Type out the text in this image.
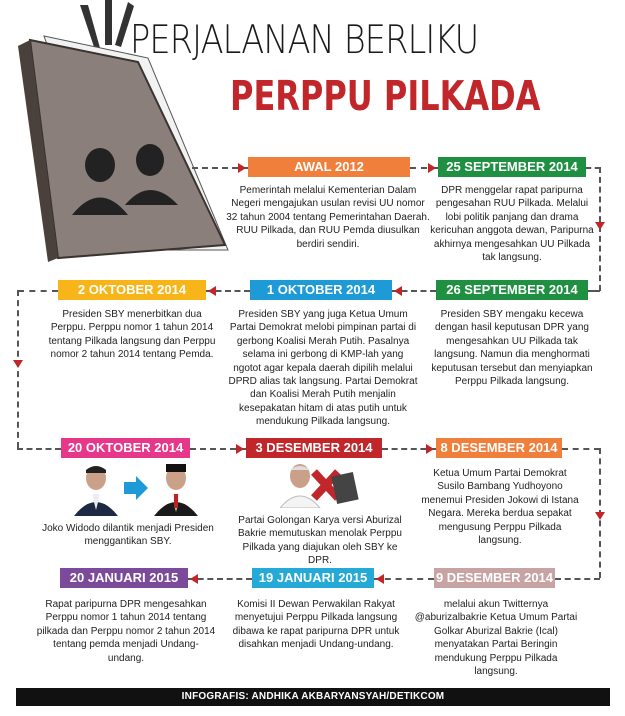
PERJALANAN BERLIKU
PERPPU PILKADA
AWAL 2012
Pemerintah melalui Kementerian Dalam Negeri mengajukan usulan revisi UU nomor 32 tahun 2004 tentang Pemerintahan Daerah. RUU Pilkada, dan RUU Pemda diusulkan berdiri sendiri.
25 SEPTEMBER 2014
DPR menggelar rapat paripurna pengesahan RUU Pilkada. Melalui lobi politik panjang dan drama kericuhan anggota dewan, Paripurna akhirnya mengesahkan UU Pilkada tak langsung.
2 OKTOBER 2014
Presiden SBY menerbitkan dua Perppu. Perppu nomor 1 tahun 2014 tentang Pilkada langsung dan Perppu nomor 2 tahun 2014 tentang Pemda.
1 OKTOBER 2014
Presiden SBY yang juga Ketua Umum Partai Demokrat melobi pimpinan partai di gerbong Koalisi Merah Putih. Pasalnya selama ini gerbong di KMP-lah yang ngotot agar kepala daerah dipilih melalui DPRD alias tak langsung. Partai Demokrat dan Koalisi Merah Putih menjalin kesepakatan hitam di atas putih untuk mendukung Pilkada langsung.
26 SEPTEMBER 2014
Presiden SBY mengaku kecewa dengan hasil keputusan DPR yang mengesahkan UU Pilkada tak langsung. Namun dia menghormati keputusan tersebut dan menyiapkan Perppu Pilkada langsung.
20 OKTOBER 2014
Joko Widodo dilantik menjadi Presiden menggantikan SBY.
3 DESEMBER 2014
Partai Golongan Karya versi Aburizal Bakrie memutuskan menolak Perppu Pilkada yang diajukan oleh SBY ke DPR.
8 DESEMBER 2014
Ketua Umum Partai Demokrat Susilo Bambang Yudhoyono menemui Presiden Jokowi di Istana Negara. Mereka berdua sepakat mengusung Perppu Pilkada langsung.
20 JANUARI 2015
Rapat paripurna DPR mengesahkan Perppu nomor 1 tahun 2014 tentang pilkada dan Perppu nomor 2 tahun 2014 tentang pemda menjadi Undang-undang.
19 JANUARI 2015
Komisi II Dewan Perwakilan Rakyat menyetujui Perppu Pilkada langsung dibawa ke rapat paripurna DPR untuk disahkan menjadi Undang-undang.
9 DESEMBER 2014
melalui akun Twitternya @aburizalbakrie Ketua Umum Partai Golkar Aburizal Bakrie (Ical) menyatakan Partai Beringin mendukung Perppu Pilkada langsung.
INFOGRAFIS: ANDHIKA AKBARYANSYAH/DETIKCOM
